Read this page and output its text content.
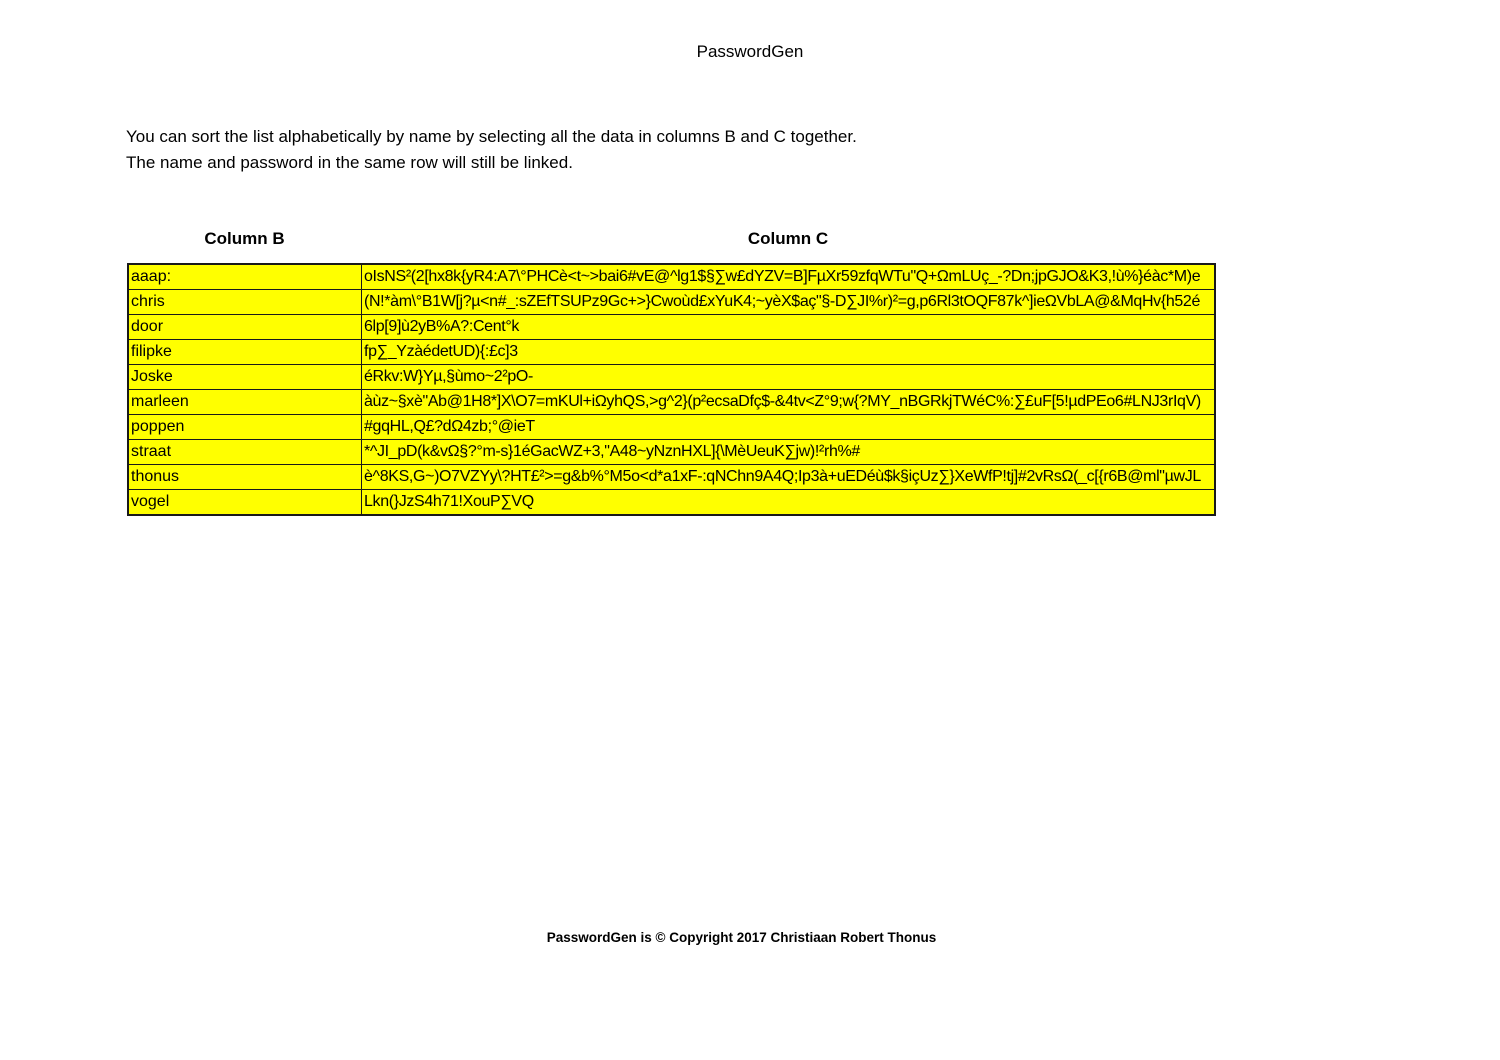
PasswordGen

You can sort the list alphabetically by name by selecting all the data in columns B and C together.

The name and password in the same row will still be linked.

Column B	Column C
aaap:	oIsNS²(2[hx8k{yR4:A7\°PHCè<t~>bai6#vE@^lg1$§∑w£dYZV=B]FµXr59zfqWTu"Q+ΩmLUç_-?Dn;jpGJO&K3,!ù%}éàc*M)e
chris	(N!*àm\°B1W[j?µ<n#_:sZEfTSUPz9Gc+>}Cwoùd£xYuK4;~yèX$aç"§-D∑JI%r)²=g,p6Rl3tOQF87k^]ieΩVbLA@&MqHv{h52é
door	6lp[9]ù2yB%A?:Cent°k
filipke	fp∑_YzàédetUD){:£c]3
Joske	éRkv:W}Yµ,§ùmo~2²pO-
marleen	àùz~§xè"Ab@1H8*]X\O7=mKUl+iΩyhQS,>g^2}(p²ecsaDfç$-&4tv<Z°9;w{?MY_nBGRkjTWéC%:∑£uF[5!µdPEo6#LNJ3rIqV)
poppen	#gqHL,Q£?dΩ4zb;°@ieT
straat	*^JI_pD(k&vΩ§?°m-s}1éGacWZ+3,"A48~yNznHXL]{\MèUeuK∑jw)!²rh%#
thonus	è^8KS,G~)O7VZYy\?HT£²>=g&b%°M5o<d*a1xF-:qNChn9A4Q;Ip3à+uEDéù$k§içUz∑}XeWfP!tj]#2vRsΩ(_c[{r6B@ml"µwJL
vogel	Lkn(}JzS4h71!XouP∑VQ
PasswordGen is © Copyright 2017 Christiaan Robert Thonus
